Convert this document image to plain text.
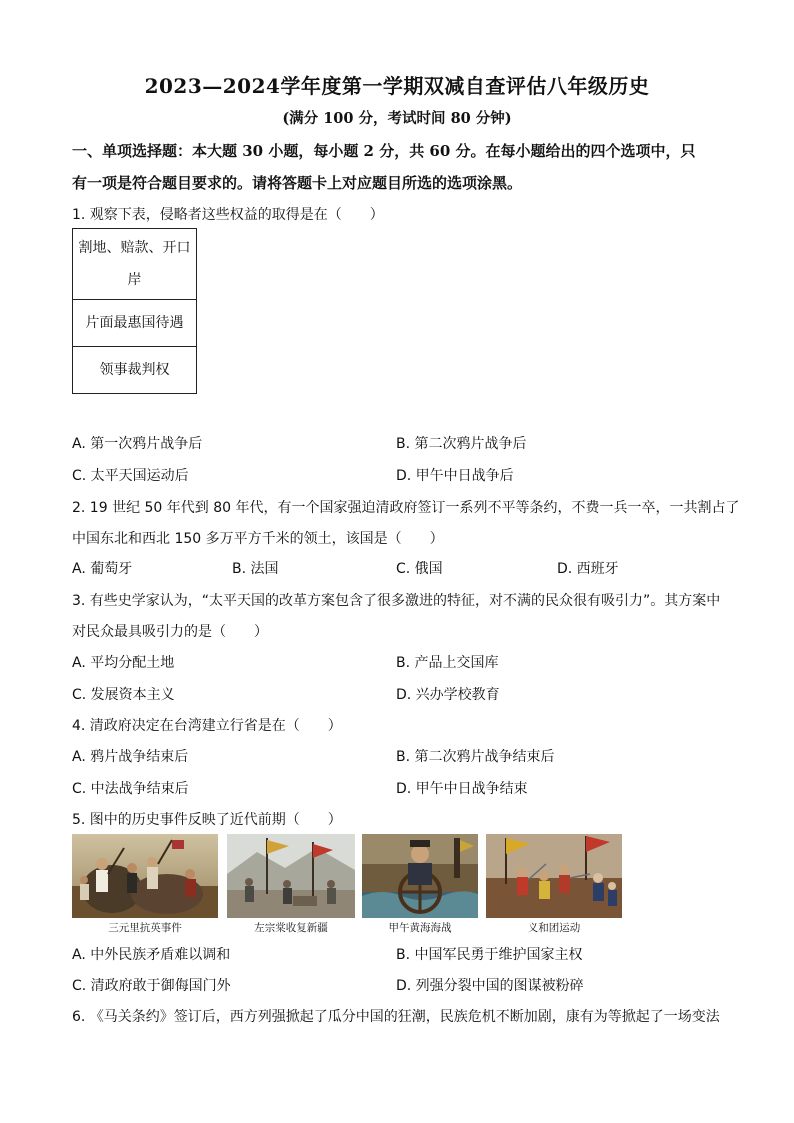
2023—2024学年度第一学期双减自查评估八年级历史
(满分 100 分，考试时间 80 分钟)
一、单项选择题：本大题 30 小题，每小题 2 分，共 60 分。在每小题给出的四个选项中，只
有一项是符合题目要求的。请将答题卡上对应题目所选的选项涂黑。
1. 观察下表，侵略者这些权益的取得是在（　　）
割地、赔款、开口岸
片面最惠国待遇
领事裁判权
A. 第一次鸦片战争后	B. 第二次鸦片战争后
C. 太平天国运动后	D. 甲午中日战争后
2. 19 世纪 50 年代到 80 年代，有一个国家强迫清政府签订一系列不平等条约，不费一兵一卒，一共割占了
中国东北和西北 150 多万平方千米的领土，该国是（　　）
A. 葡萄牙	B. 法国	C. 俄国	D. 西班牙
3. 有些史学家认为，“太平天国的改革方案包含了很多激进的特征，对不满的民众很有吸引力”。其方案中
对民众最具吸引力的是（　　）
A. 平均分配土地	B. 产品上交国库
C. 发展资本主义	D. 兴办学校教育
4. 清政府决定在台湾建立行省是在（　　）
A. 鸦片战争结束后	B. 第二次鸦片战争结束后
C. 中法战争结束后	D. 甲午中日战争结束
5. 图中的历史事件反映了近代前期（　　）
三元里抗英事件	左宗棠收复新疆	甲午黄海海战	义和团运动
A. 中外民族矛盾难以调和	B. 中国军民勇于维护国家主权
C. 清政府敢于御侮国门外	D. 列强分裂中国的图谋被粉碎
6. 《马关条约》签订后，西方列强掀起了瓜分中国的狂潮，民族危机不断加剧，康有为等掀起了一场变法
